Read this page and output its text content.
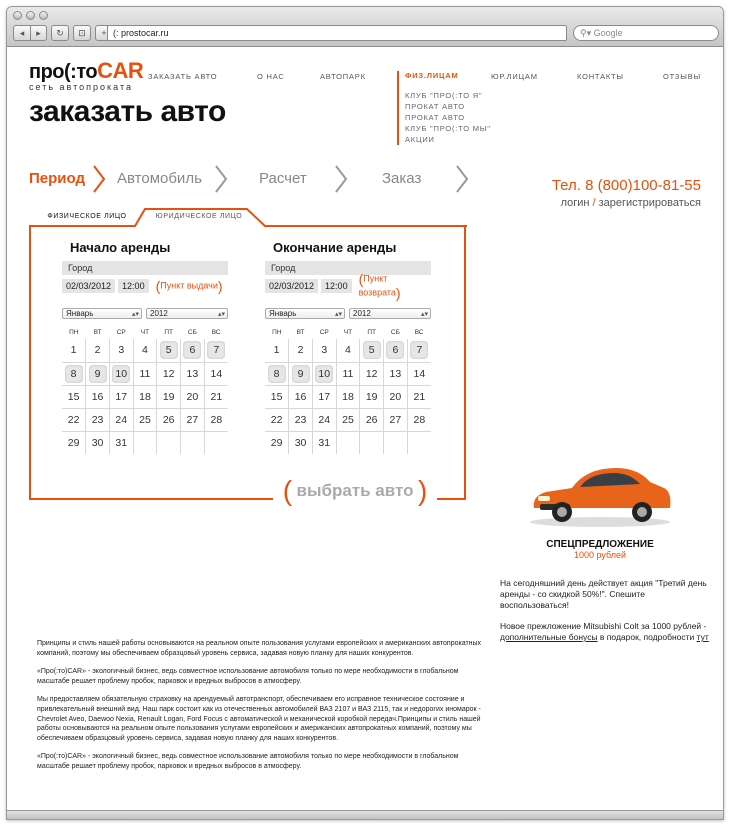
◂ ▸ ↻ ⊡ + (: prostocar.ru	⚲▾ Google
про(:тоCAR
сеть автопроката
ЗАКАЗАТЬ АВТО	О НАС	АВТОПАРК	ЮР.ЛИЦАМ	КОНТАКТЫ	ОТЗЫВЫ
ФИЗ.ЛИЦАМ
КЛУБ "ПРО(:ТО Я"
ПРОКАТ АВТО
ПРОКАТ АВТО
КЛУБ "ПРО(:ТО МЫ"
АКЦИИ
заказать авто
Период Автомобиль	Расчет	Заказ	Тел. 8 (800)100-81-55
логин / зарегистрироваться
ФИЗИЧЕСКОЕ ЛИЦО	ЮРИДИЧЕСКОЕ ЛИЦО
Начало аренды
Город
02/03/2012	12:00 (Пункт выдачи)
Январь	▴▾	2012	▴▾
ПН	ВТ	СР	ЧТ	ПТ	СБ	ВС
1	2	3	4	5	6	7
8	9	10	11	12	13	14
15	16	17	18	19	20	21
22	23	24	25	26	27	28
29	30	31				
Окончание аренды
Город
02/03/2012	12:00 (Пункт возврата)
Январь	▴▾	2012	▴▾
ПН	ВТ	СР	ЧТ	ПТ	СБ	ВС
1	2	3	4	5	6	7
8	9	10	11	12	13	14
15	16	17	18	19	20	21
22	23	24	25	26	27	28
29	30	31				
( выбрать авто )
СПЕЦПРЕДЛОЖЕНИЕ
1000 рублей
На сегодняшний день действует акция "Третий день аренды - со скидкой 50%!". Спешите воспользоваться!
Новое прежложение Mitsubishi Colt за 1000 рублей - дополнительные бонусы в подарок, подробности тут

Принципы и стиль нашей работы основываются на реальном опыте пользования услугами европейских и американских автопрокатных компаний, поэтому мы обеспечиваем образцовый уровень сервиса, задавая новую планку для наших конкурентов.

«Про(:то)CAR» - экологичный бизнес, ведь совместное использование автомобиля только по мере необходимости в глобальном масштабе решает проблему пробок, парковок и вредных выбросов в атмосферу.

Мы предоставляем обязательную страховку на арендуемый автотранспорт, обеспечиваем его исправное техническое состояние и привлекательный внешний вид. Наш парк состоит как из отечественных автомобилей ВАЗ 2107 и ВАЗ 2115, так и недорогих иномарок - Chevrolet Aveo, Daewoo Nexia, Renault Logan, Ford Focus с автоматической и механической коробкой передач.Принципы и стиль нашей работы основываются на реальном опыте пользования услугами европейских и американских автопрокатных компаний, поэтому мы обеспечиваем образцовый уровень сервиса, задавая новую планку для наших конкурентов.

«Про(:то)CAR» - экологичный бизнес, ведь совместное использование автомобиля только по мере необходимости в глобальном масштабе решает проблему пробок, парковок и вредных выбросов в атмосферу.
